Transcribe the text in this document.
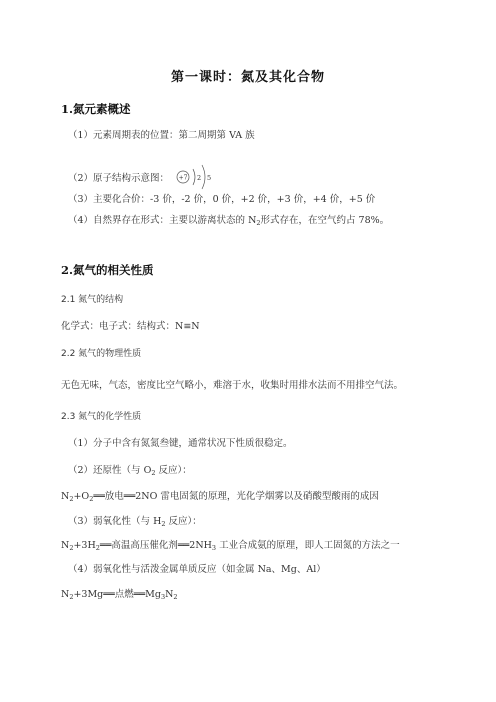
第一课时：氮及其化合物
1.氮元素概述
（1）元素周期表的位置：第二周期第 VA 族
+7 2 5
（2）原子结构示意图：
（3）主要化合价：-3 价，-2 价，0 价，+2 价，+3 价，+4 价，+5 价
（4）自然界存在形式：主要以游离状态的 $N_2$形式存在，在空气约占 78%。
2.氮气的相关性质
2.1 氮气的结构
化学式：电子式：结构式：N≡N
2.2 氮气的物理性质
无色无味，气态，密度比空气略小，难溶于水，收集时用排水法而不用排空气法。
2.3 氮气的化学性质
（1）分子中含有氮氮叁键，通常状况下性质很稳定。
（2）还原性（与 $O_2$ 反应）：
$N_2+O_2══$放电══2NO 雷电固氮的原理，光化学烟雾以及硝酸型酸雨的成因
（3）弱氧化性（与 $H_2$ 反应）：
$N_2+3H_2══$高温高压催化剂$══2NH_3$ 工业合成氨的原理，即人工固氮的方法之一
（4）弱氧化性与活泼金属单质反应（如金属 Na、Mg、Al）
$N_2+3Mg══$点燃$══Mg_3N_2$
